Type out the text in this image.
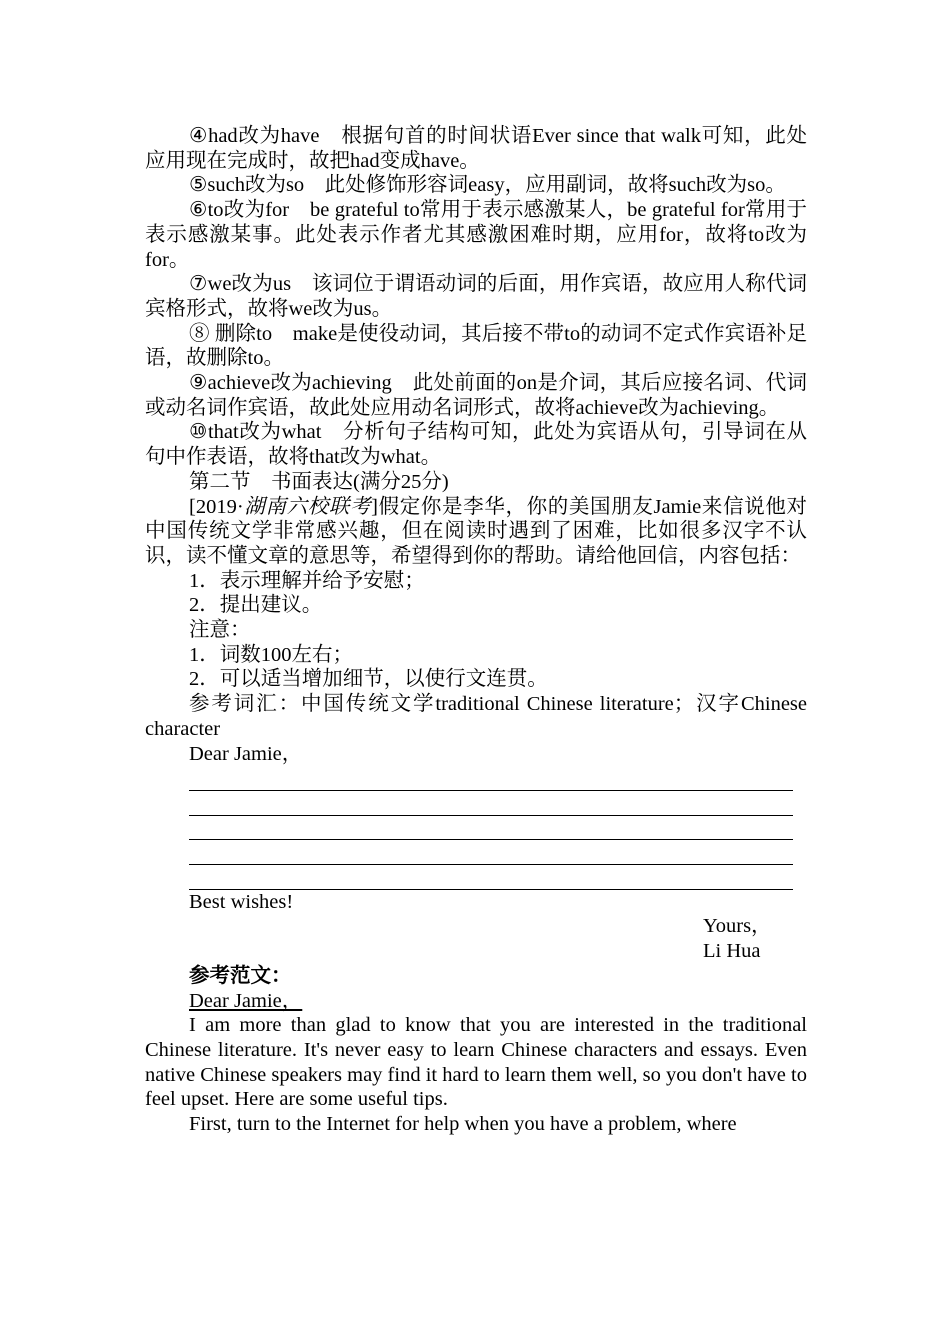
④had改为have　根据句首的时间状语Ever since that walk可知，此处应用现在完成时，故把had变成have。

⑤such改为so　此处修饰形容词easy，应用副词，故将such改为so。

⑥to改为for　be grateful to常用于表示感激某人，be grateful for常用于表示感激某事。此处表示作者尤其感激困难时期，应用for，故将to改为for。

⑦we改为us　该词位于谓语动词的后面，用作宾语，故应用人称代词宾格形式，故将we改为us。

⑧ 删除to　make是使役动词，其后接不带to的动词不定式作宾语补足语，故删除to。

⑨achieve改为achieving　此处前面的on是介词，其后应接名词、代词或动名词作宾语，故此处应用动名词形式，故将achieve改为achieving。

⑩that改为what　分析句子结构可知，此处为宾语从句，引导词在从句中作表语，故将that改为what。

第二节　书面表达(满分25分)

[2019·湖南六校联考]假定你是李华，你的美国朋友Jamie来信说他对中国传统文学非常感兴趣，但在阅读时遇到了困难，比如很多汉字不认识，读不懂文章的意思等，希望得到你的帮助。请给他回信，内容包括：

1．表示理解并给予安慰；

2．提出建议。

注意：

1．词数100左右；

2．可以适当增加细节，以使行文连贯。

参考词汇：中国传统文学traditional Chinese literature；汉字Chinese character

Dear Jamie，

Best wishes!

Yours，
Li Hua

参考范文：

Dear Jamie，

I am more than glad to know that you are interested in the traditional Chinese literature. It's never easy to learn Chinese characters and essays. Even native Chinese speakers may find it hard to learn them well, so you don't have to feel upset. Here are some useful tips.

First, turn to the Internet for help when you have a problem, where
